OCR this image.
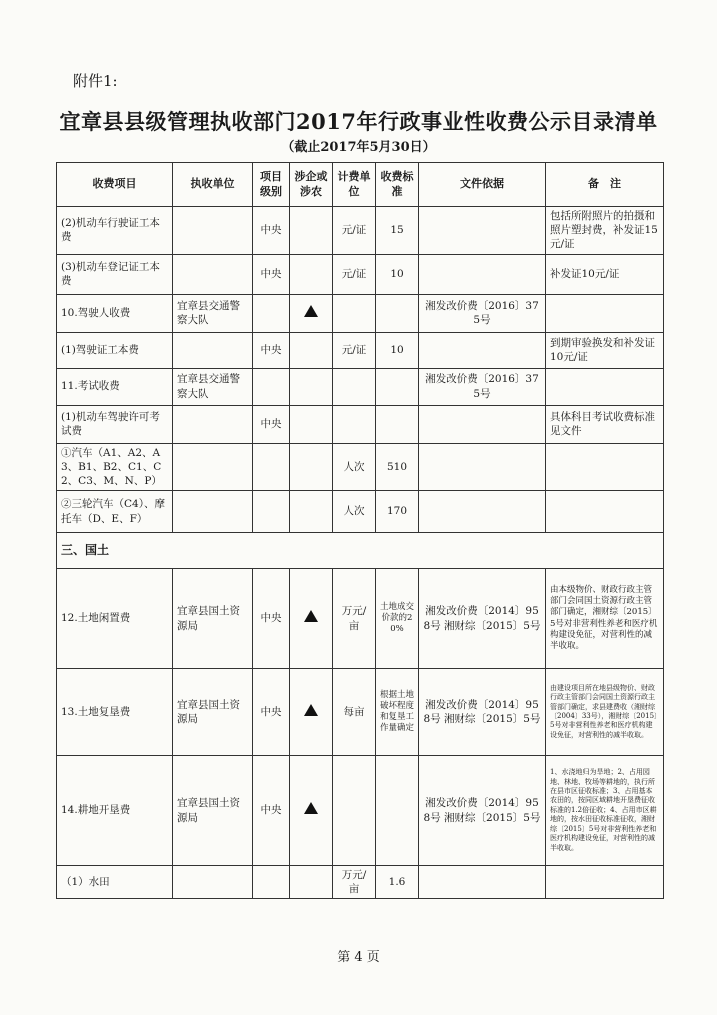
附件1:
宜章县县级管理执收部门2017年行政事业性收费公示目录清单
（截止2017年5月30日）
收费项目	执收单位	项目级别	涉企或涉农	计费单位	收费标准	文件依据	备　注
(2)机动车行驶证工本费		中央		元/证	15		包括所附照片的拍摄和照片塑封费，补发证15元/证
(3)机动车登记证工本费		中央		元/证	10		补发证10元/证
10.驾驶人收费	宜章县交通警察大队					湘发改价费〔2016〕375号	
(1)驾驶证工本费		中央		元/证	10		到期审验换发和补发证10元/证
11.考试收费	宜章县交通警察大队					湘发改价费〔2016〕375号	
(1)机动车驾驶许可考试费		中央					具体科目考试收费标准见文件
①汽车（A1、A2、A3、B1、B2、C1、C2、C3、M、N、P）				人次	510		
②三轮汽车（C4）、摩托车（D、E、F）				人次	170		
三、国土							
12.土地闲置费	宜章县国土资源局	中央		万元/亩	土地成交价款的20%	湘发改价费〔2014〕958号 湘财综〔2015〕5号	由本级物价、财政行政主管部门会同国土资源行政主管部门确定，湘财综〔2015〕5号对非营利性养老和医疗机构建设免征，对营利性的减半收取。
13.土地复垦费	宜章县国土资源局	中央		每亩	根据土地破坏程度和复垦工作量确定	湘发改价费〔2014〕958号 湘财综〔2015〕5号	由建设项目所在地县级物价、财政行政主管部门会同国土资源行政主管部门确定，求县建费收（湘财综〔2004〕33号），湘财综〔2015〕5号对非营利性养老和医疗机构建设免征，对营利性的减半收取。
14.耕地开垦费	宜章县国土资源局	中央				湘发改价费〔2014〕958号 湘财综〔2015〕5号	1、水浇地归为旱地；2、占用园地、林地、牧场等耕地的，执行所在县市区征收标准；3、占用基本农田的，按同区域耕地开垦费征收标准的1.2倍征收；4、占用市区耕地的，按水田征收标准征收，湘财综〔2015〕5号对非营利性养老和医疗机构建设免征，对营利性的减半收取。
（1）水田				万元/亩	1.6		
第 4 页
